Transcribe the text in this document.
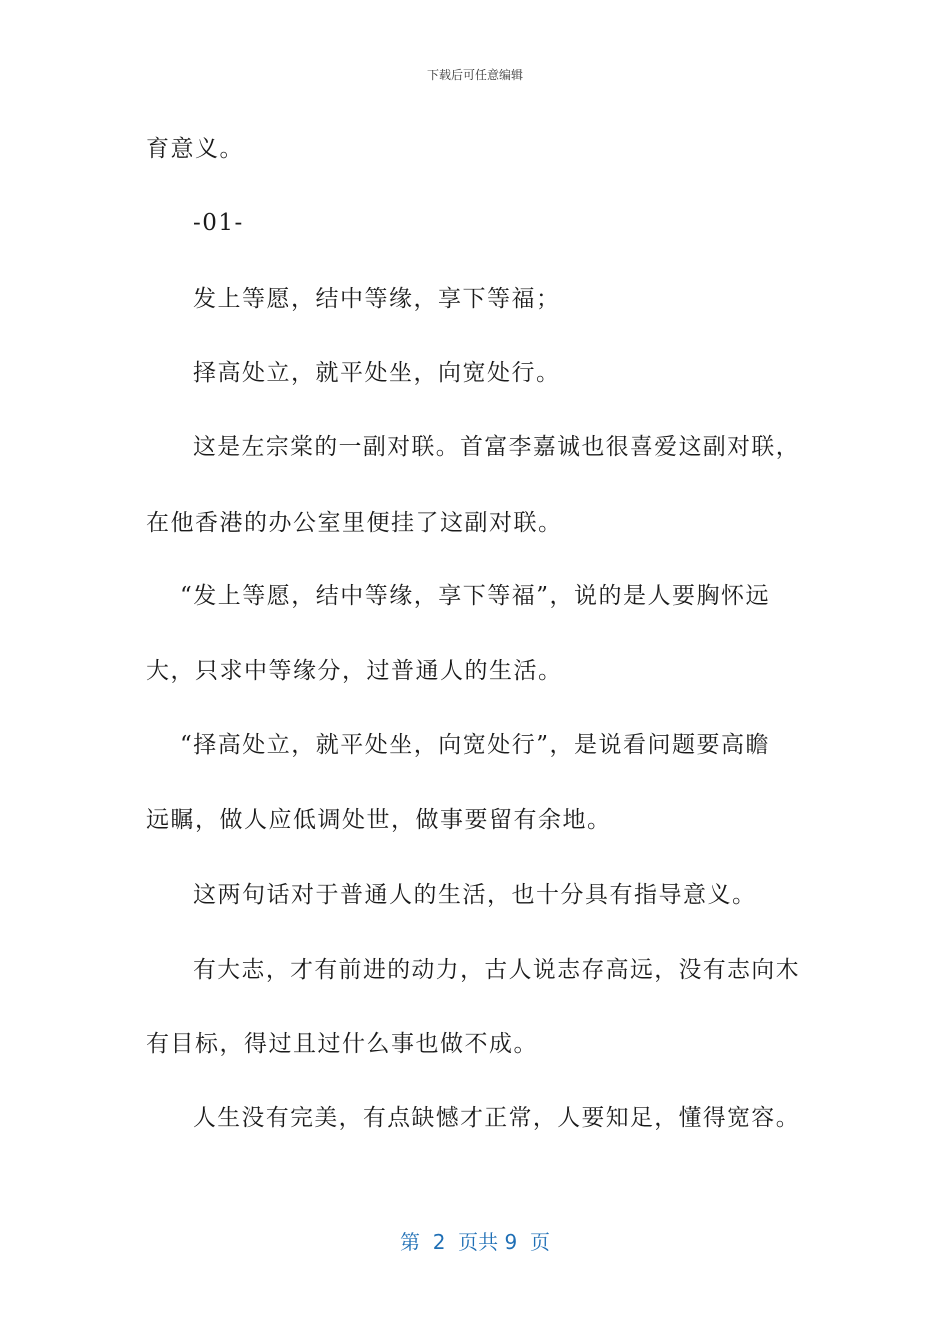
下载后可任意编辑
育意义。
-01-
发上等愿，结中等缘，享下等福；
择高处立，就平处坐，向宽处行。
这是左宗棠的一副对联。首富李嘉诚也很喜爱这副对联，
在他香港的办公室里便挂了这副对联。
“发上等愿，结中等缘，享下等福”，说的是人要胸怀远
大，只求中等缘分，过普通人的生活。
“择高处立，就平处坐，向宽处行”，是说看问题要高瞻
远瞩，做人应低调处世，做事要留有余地。
这两句话对于普通人的生活，也十分具有指导意义。
有大志，才有前进的动力，古人说志存高远，没有志向木
有目标，得过且过什么事也做不成。
人生没有完美，有点缺憾才正常，人要知足，懂得宽容。
第  2  页共 9  页
